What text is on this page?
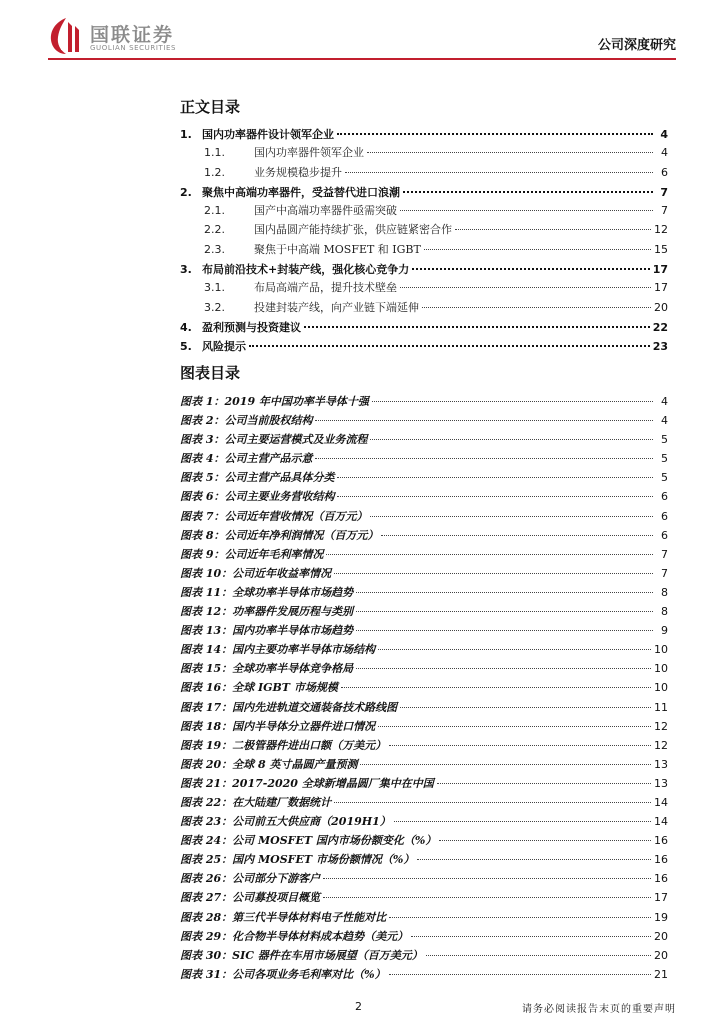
国联证券
GUOLIAN SECURITIES	公司深度研究
正文目录
1. 国内功率器件设计领军企业	4
1.1.	国内功率器件领军企业	4
1.2.	业务规模稳步提升	6
2. 聚焦中高端功率器件，受益替代进口浪潮	7
2.1.	国产中高端功率器件亟需突破	7
2.2.	国内晶圆产能持续扩张，供应链紧密合作	12
2.3.	聚焦于中高端 MOSFET 和 IGBT	15
3. 布局前沿技术+封装产线，强化核心竞争力	17
3.1.	布局高端产品，提升技术壁垒	17
3.2.	投建封装产线，向产业链下端延伸	20
4. 盈利预测与投资建议	22
5. 风险提示	23
图表目录
图表 1：2019 年中国功率半导体十强	4
图表 2：公司当前股权结构	4
图表 3：公司主要运营模式及业务流程	5
图表 4：公司主营产品示意	5
图表 5：公司主营产品具体分类	5
图表 6：公司主要业务营收结构	6
图表 7：公司近年营收情况（百万元）	6
图表 8：公司近年净利润情况（百万元）	6
图表 9：公司近年毛利率情况	7
图表 10：公司近年收益率情况	7
图表 11：全球功率半导体市场趋势	8
图表 12：功率器件发展历程与类别	8
图表 13：国内功率半导体市场趋势	9
图表 14：国内主要功率半导体市场结构	10
图表 15：全球功率半导体竞争格局	10
图表 16：全球 IGBT 市场规模	10
图表 17：国内先进轨道交通装备技术路线图	11
图表 18：国内半导体分立器件进口情况	12
图表 19：二极管器件进出口额（万美元）	12
图表 20：全球 8 英寸晶圆产量预测	13
图表 21：2017-2020 全球新增晶圆厂集中在中国	13
图表 22：在大陆建厂数据统计	14
图表 23：公司前五大供应商（2019H1）	14
图表 24：公司 MOSFET 国内市场份额变化（%）	16
图表 25：国内 MOSFET 市场份额情况（%）	16
图表 26：公司部分下游客户	16
图表 27：公司募投项目概览	17
图表 28：第三代半导体材料电子性能对比	19
图表 29：化合物半导体材料成本趋势（美元）	20
图表 30：SIC 器件在车用市场展望（百万美元）	20
图表 31：公司各项业务毛利率对比（%）	21
2	请务必阅读报告末页的重要声明
